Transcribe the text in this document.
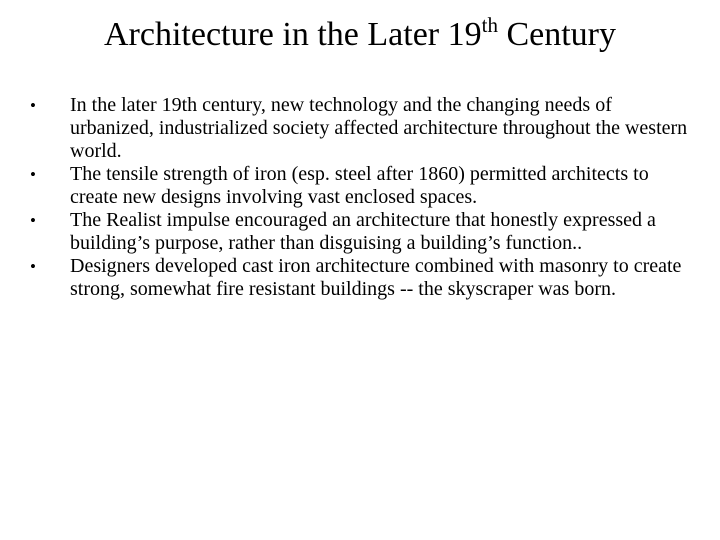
Architecture in the Later 19th Century
•	In the later 19th century, new technology and the changing needs of urbanized, industrialized society affected architecture throughout the western world.
•	The tensile strength of iron (esp. steel after 1860) permitted architects to create new designs involving vast enclosed spaces.
•	The Realist impulse encouraged an architecture that honestly expressed a building’s purpose, rather than disguising a building’s function..
•	Designers developed cast iron architecture combined with masonry to create strong, somewhat fire resistant buildings -- the skyscraper was born.
